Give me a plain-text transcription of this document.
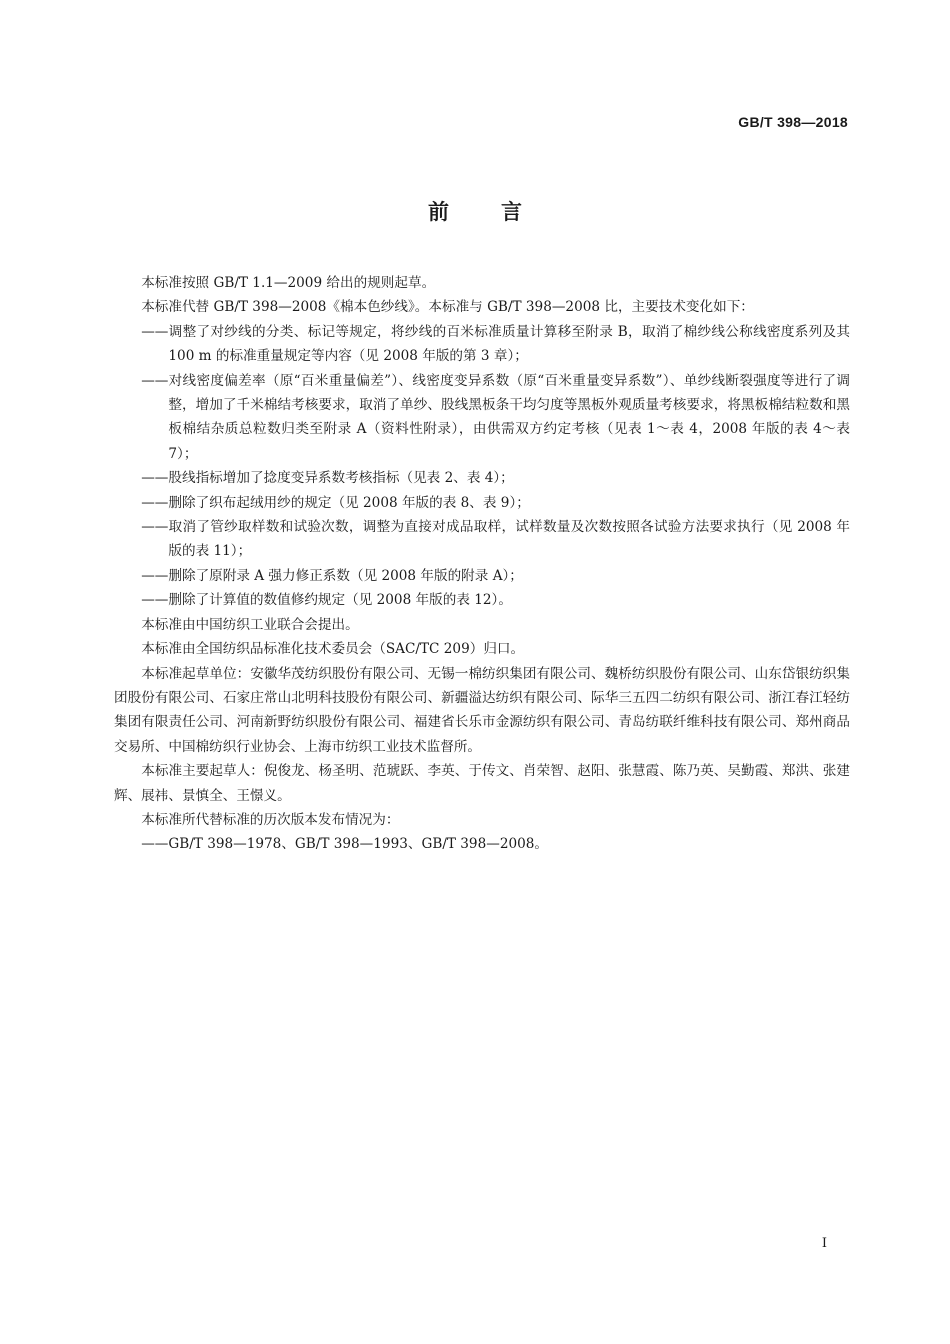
GB/T 398—2018
前言

本标准按照 GB/T 1.1—2009 给出的规则起草。

本标准代替 GB/T 398—2008《棉本色纱线》。本标准与 GB/T 398—2008 比，主要技术变化如下：

——调整了对纱线的分类、标记等规定，将纱线的百米标准质量计算移至附录 B，取消了棉纱线公称线密度系列及其 100 m 的标准重量规定等内容（见 2008 年版的第 3 章）；

——对线密度偏差率（原“百米重量偏差”）、线密度变异系数（原“百米重量变异系数”）、单纱线断裂强度等进行了调整，增加了千米棉结考核要求，取消了单纱、股线黑板条干均匀度等黑板外观质量考核要求，将黑板棉结粒数和黑板棉结杂质总粒数归类至附录 A（资料性附录），由供需双方约定考核（见表 1～表 4，2008 年版的表 4～表 7）；

——股线指标增加了捻度变异系数考核指标（见表 2、表 4）；

——删除了织布起绒用纱的规定（见 2008 年版的表 8、表 9）；

——取消了管纱取样数和试验次数，调整为直接对成品取样，试样数量及次数按照各试验方法要求执行（见 2008 年版的表 11）；

——删除了原附录 A 强力修正系数（见 2008 年版的附录 A）；

——删除了计算值的数值修约规定（见 2008 年版的表 12）。

本标准由中国纺织工业联合会提出。

本标准由全国纺织品标准化技术委员会（SAC/TC 209）归口。

本标准起草单位：安徽华茂纺织股份有限公司、无锡一棉纺织集团有限公司、魏桥纺织股份有限公司、山东岱银纺织集团股份有限公司、石家庄常山北明科技股份有限公司、新疆溢达纺织有限公司、际华三五四二纺织有限公司、浙江春江轻纺集团有限责任公司、河南新野纺织股份有限公司、福建省长乐市金源纺织有限公司、青岛纺联纤维科技有限公司、郑州商品交易所、中国棉纺织行业协会、上海市纺织工业技术监督所。

本标准主要起草人：倪俊龙、杨圣明、范琥跃、李英、于传文、肖荣智、赵阳、张慧霞、陈乃英、吴勤霞、郑洪、张建辉、展祎、景慎全、王憬义。

本标准所代替标准的历次版本发布情况为：

——GB/T 398—1978、GB/T 398—1993、GB/T 398—2008。

I
